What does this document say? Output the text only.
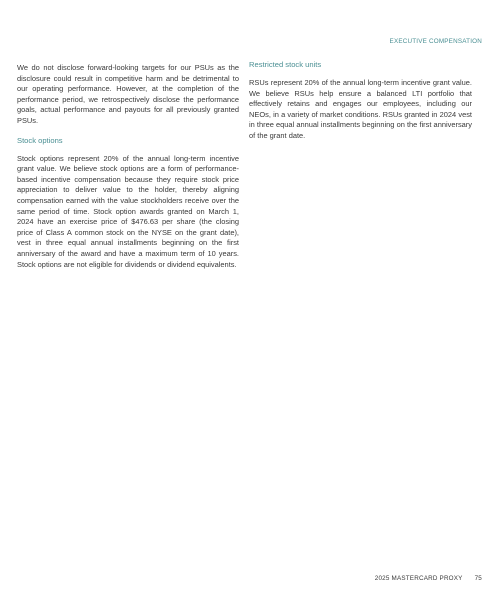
EXECUTIVE COMPENSATION

We do not disclose forward-looking targets for our PSUs as the disclosure could result in competitive harm and be detrimental to our operating performance. However, at the completion of the performance period, we retrospectively disclose the performance goals, actual performance and payouts for all previously granted PSUs.

Stock options

Stock options represent 20% of the annual long-term incentive grant value. We believe stock options are a form of performance-based incentive compensation because they require stock price appreciation to deliver value to the holder, thereby aligning compensation earned with the value stockholders receive over the same period of time. Stock option awards granted on March 1, 2024 have an exercise price of $476.63 per share (the closing price of Class A common stock on the NYSE on the grant date), vest in three equal annual installments beginning on the first anniversary of the award and have a maximum term of 10 years. Stock options are not eligible for dividends or dividend equivalents.

Restricted stock units

RSUs represent 20% of the annual long-term incentive grant value. We believe RSUs help ensure a balanced LTI portfolio that effectively retains and engages our employees, including our NEOs, in a variety of market conditions. RSUs granted in 2024 vest in three equal annual installments beginning on the first anniversary of the grant date.

2025 MASTERCARD PROXY 75
